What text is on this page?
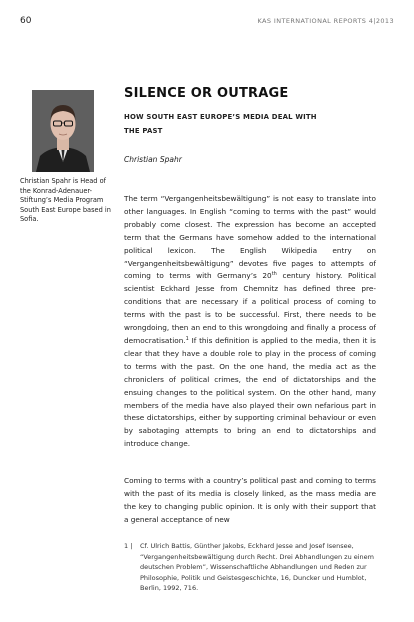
60	KAS INTERNATIONAL REPORTS 4|2013
Christian Spahr is Head of the Konrad-Adenauer-Stiftung’s Media Program South East Europe based in Sofia.
SILENCE OR OUTRAGE
HOW SOUTH EAST EUROPE’S MEDIA DEAL WITH THE PAST
Christian Spahr
The term “Vergangenheitsbewältigung” is not easy to translate into other languages. In English “coming to terms with the past” would probably come closest. The expression has become an accepted term that the Germans have somehow added to the international political lexicon. The English Wikipedia entry on “Vergangenheitsbewältigung” devotes five pages to attempts of coming to terms with Germany’s 20th century history. Political scientist Eckhard Jesse from Chemnitz has defined three pre-conditions that are necessary if a political process of coming to terms with the past is to be successful. First, there needs to be wrongdoing, then an end to this wrongdoing and finally a process of democratisation.$^1$ If this definition is applied to the media, then it is clear that they have a double role to play in the process of coming to terms with the past. On the one hand, the media act as the chroniclers of political crimes, the end of dictatorships and the ensuing changes to the political system. On the other hand, many members of the media have also played their own nefarious part in these dictatorships, either by supporting criminal behaviour or even by sabotaging attempts to bring an end to dictatorships and introduce change.
Coming to terms with a country’s political past and coming to terms with the past of its media is closely linked, as the mass media are the key to changing public opinion. It is only with their support that a general acceptance of new
1 |	Cf. Ulrich Battis, Günther Jakobs, Eckhard Jesse and Josef Isensee, “Vergangenheitsbewältigung durch Recht. Drei Abhandlungen zu einem deutschen Problem”, Wissenschaftliche Abhandlungen und Reden zur Philosophie, Politik und Geistesgeschichte, 16, Duncker und Humblot, Berlin, 1992, 716.
